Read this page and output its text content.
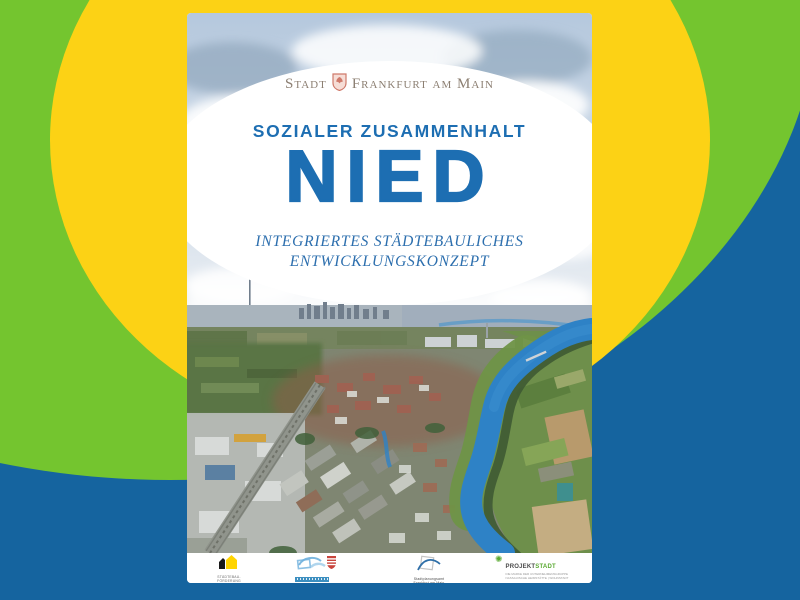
Stadt Frankfurt am Main
SOZIALER ZUSAMMENHALT
NIED
INTEGRIERTES STÄDTEBAULICHES
ENTWICKLUNGSKONZEPT
STÄDTEBAU-
FÖRDERUNG	Stadtplanungsamt
Frankfurt am Main
✺
PROJEKTSTADT
DIE MARKE DER UNTERNEHMENSGRUPPE
NASSAUISCHE HEIMSTÄTTE | WOHNSTADT
